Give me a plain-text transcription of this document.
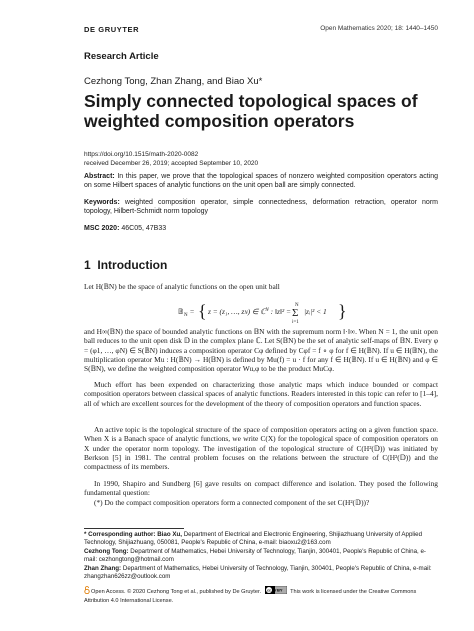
DE GRUYTER	Open Mathematics 2020; 18: 1440–1450
Research Article
Cezhong Tong, Zhan Zhang, and Biao Xu*
Simply connected topological spaces of weighted composition operators
https://doi.org/10.1515/math-2020-0082
received December 26, 2019; accepted September 10, 2020
Abstract: In this paper, we prove that the topological spaces of nonzero weighted composition operators acting on some Hilbert spaces of analytic functions on the unit open ball are simply connected.
Keywords: weighted composition operator, simple connectedness, deformation retraction, operator norm topology, Hilbert-Schmidt norm topology
MSC 2020: 46C05, 47B33
1 Introduction
Let H(𝔹N) be the space of analytic functions on the open unit ball
𝔹 N = { z = (z₁, …, zN) ∈ ℂ$^N$ : ‖z‖² =
N
Σ
i=1
|zᵢ|² < 1 }
and H∞(𝔹N) the space of bounded analytic functions on 𝔹N with the supremum norm ‖·‖∞. When N = 1, the unit open ball reduces to the unit open disk 𝔻 in the complex plane ℂ. Let S(𝔹N) be the set of analytic self-maps of 𝔹N. Every φ = (φ1, …, φN) ∈ S(𝔹N) induces a composition operator Cφ defined by Cφf = f ∘ φ for f ∈ H(𝔹N). If u ∈ H(𝔹N), the multiplication operator Mu : H(𝔹N) → H(𝔹N) is defined by Mu(f) = u · f for any f ∈ H(𝔹N). If u ∈ H(𝔹N) and φ ∈ S(𝔹N), we define the weighted composition operator Wu,φ to be the product MuCφ.
Much effort has been expended on characterizing those analytic maps which induce bounded or compact composition operators between classical spaces of analytic functions. Readers interested in this topic can refer to [1–4], all of which are excellent sources for the development of the theory of composition operators and function spaces.
An active topic is the topological structure of the space of composition operators acting on a given function space. When X is a Banach space of analytic functions, we write C(X) for the topological space of composition operators on X under the operator norm topology. The investigation of the topological structure of C(H²(𝔻)) was initiated by Berkson [5] in 1981. The central problem focuses on the relations between the structure of C(H²(𝔻)) and the compactness of its members.
In 1990, Shapiro and Sundberg [6] gave results on compact difference and isolation. They posed the following fundamental question:
(*) Do the compact composition operators form a connected component of the set C(H²(𝔻))?
* Corresponding author: Biao Xu, Department of Electrical and Electronic Engineering, Shijiazhuang University of Applied Technology, Shijiazhuang, 050081, People's Republic of China, e-mail: biaoxu2@163.com
Cezhong Tong: Department of Mathematics, Hebei University of Technology, Tianjin, 300401, People's Republic of China, e-mail: cezhongtong@hotmail.com
Zhan Zhang: Department of Mathematics, Hebei University of Technology, Tianjin, 300401, People's Republic of China, e-mail: zhangzhan626zz@outlook.com
Open Access. © 2020 Cezhong Tong et al., published by De Gruyter. cc BY BY This work is licensed under the Creative Commons Attribution 4.0 International License.
